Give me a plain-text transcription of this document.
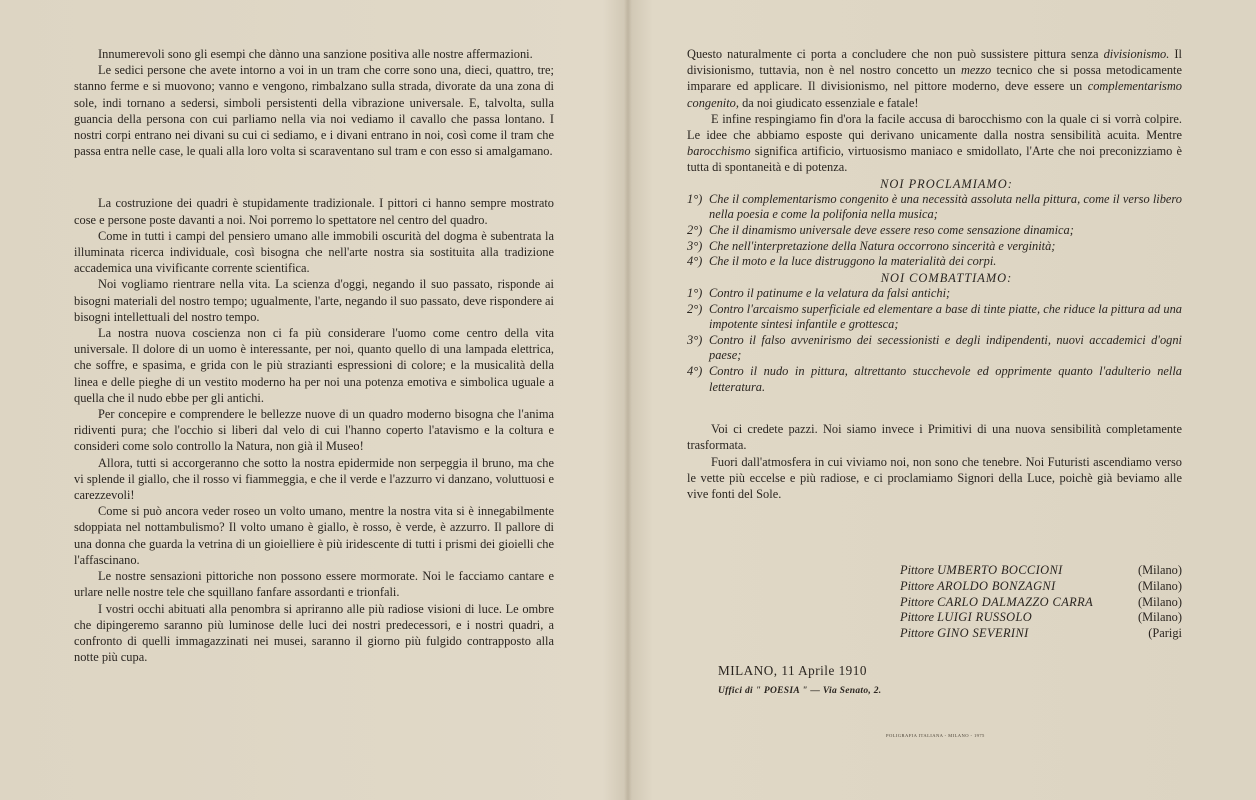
Innumerevoli sono gli esempi che dànno una sanzione positiva alle nostre affermazioni.

Le sedici persone che avete intorno a voi in un tram che corre sono una, dieci, quattro, tre; stanno ferme e si muovono; vanno e vengono, rimbalzano sulla strada, divorate da una zona di sole, indi tornano a sedersi, simboli persistenti della vibrazione universale. E, talvolta, sulla guancia della persona con cui parliamo nella via noi vediamo il cavallo che passa lontano. I nostri corpi entrano nei divani su cui ci sediamo, e i divani entrano in noi, così come il tram che passa entra nelle case, le quali alla loro volta si scaraventano sul tram e con esso si amalgamano.

La costruzione dei quadri è stupidamente tradizionale. I pittori ci hanno sempre mostrato cose e persone poste davanti a noi. Noi porremo lo spettatore nel centro del quadro.

Come in tutti i campi del pensiero umano alle immobili oscurità del dogma è subentrata la illuminata ricerca individuale, così bisogna che nell'arte nostra sia sostituita alla tradizione accademica una vivificante corrente scientifica.

Noi vogliamo rientrare nella vita. La scienza d'oggi, negando il suo passato, risponde ai bisogni materiali del nostro tempo; ugualmente, l'arte, negando il suo passato, deve rispondere ai bisogni intellettuali del nostro tempo.

La nostra nuova coscienza non ci fa più considerare l'uomo come centro della vita universale. Il dolore di un uomo è interessante, per noi, quanto quello di una lampada elettrica, che soffre, e spasima, e grida con le più strazianti espressioni di colore; e la musicalità della linea e delle pieghe di un vestito moderno ha per noi una potenza emotiva e simbolica uguale a quella che il nudo ebbe per gli antichi.

Per concepire e comprendere le bellezze nuove di un quadro moderno bisogna che l'anima ridiventi pura; che l'occhio si liberi dal velo di cui l'hanno coperto l'atavismo e la coltura e consideri come solo controllo la Natura, non già il Museo!

Allora, tutti si accorgeranno che sotto la nostra epidermide non serpeggia il bruno, ma che vi splende il giallo, che il rosso vi fiammeggia, e che il verde e l'azzurro vi danzano, voluttuosi e carezzevoli!

Come si può ancora veder roseo un volto umano, mentre la nostra vita si è innegabilmente sdoppiata nel nottambulismo? Il volto umano è giallo, è rosso, è verde, è azzurro. Il pallore di una donna che guarda la vetrina di un gioielliere è più iridescente di tutti i prismi dei gioielli che l'affascinano.

Le nostre sensazioni pittoriche non possono essere mormorate. Noi le facciamo cantare e urlare nelle nostre tele che squillano fanfare assordanti e trionfali.

I vostri occhi abituati alla penombra si apriranno alle più radiose visioni di luce. Le ombre che dipingeremo saranno più luminose delle luci dei nostri predecessori, e i nostri quadri, a confronto di quelli immagazzinati nei musei, saranno il giorno più fulgido contrapposto alla notte più cupa.

Questo naturalmente ci porta a concludere che non può sussistere pittura senza divisionismo. Il divisionismo, tuttavia, non è nel nostro concetto un mezzo tecnico che si possa metodicamente imparare ed applicare. Il divisionismo, nel pittore moderno, deve essere un complementarismo congenito, da noi giudicato essenziale e fatale!

E infine respingiamo fin d'ora la facile accusa di barocchismo con la quale ci si vorrà colpire. Le idee che abbiamo esposte qui derivano unicamente dalla nostra sensibilità acuita. Mentre barocchismo significa artificio, virtuosismo maniaco e smidollato, l'Arte che noi preconizziamo è tutta di spontaneità e di potenza.

NOI PROCLAMIAMO:

1°) Che il complementarismo congenito è una necessità assoluta nella pittura, come il verso libero nella poesia e come la polifonia nella musica;
2°) Che il dinamismo universale deve essere reso come sensazione dinamica;
3°) Che nell'interpretazione della Natura occorrono sincerità e verginità;
4°) Che il moto e la luce distruggono la materialità dei corpi.

NOI COMBATTIAMO:

1°) Contro il patinume e la velatura da falsi antichi;
2°) Contro l'arcaismo superficiale ed elementare a base di tinte piatte, che riduce la pittura ad una impotente sintesi infantile e grottesca;
3°) Contro il falso avvenirismo dei secessionisti e degli indipendenti, nuovi accademici d'ogni paese;
4°) Contro il nudo in pittura, altrettanto stucchevole ed opprimente quanto l'adulterio nella letteratura.

Voi ci credete pazzi. Noi siamo invece i Primitivi di una nuova sensibilità completamente trasformata.

Fuori dall'atmosfera in cui viviamo noi, non sono che tenebre. Noi Futuristi ascendiamo verso le vette più eccelse e più radiose, e ci proclamiamo Signori della Luce, poichè già beviamo alle vive fonti del Sole.

Pittore UMBERTO BOCCIONI	(Milano)
Pittore AROLDO BONZAGNI	(Milano)
Pittore CARLO DALMAZZO CARRA	(Milano)
Pittore LUIGI RUSSOLO	(Milano)
Pittore GINO SEVERINI	(Parigi
MILANO, 11 Aprile 1910
Uffici di " POESIA " — Via Senato, 2.
POLIGRAFIA ITALIANA - MILANO - 1975
